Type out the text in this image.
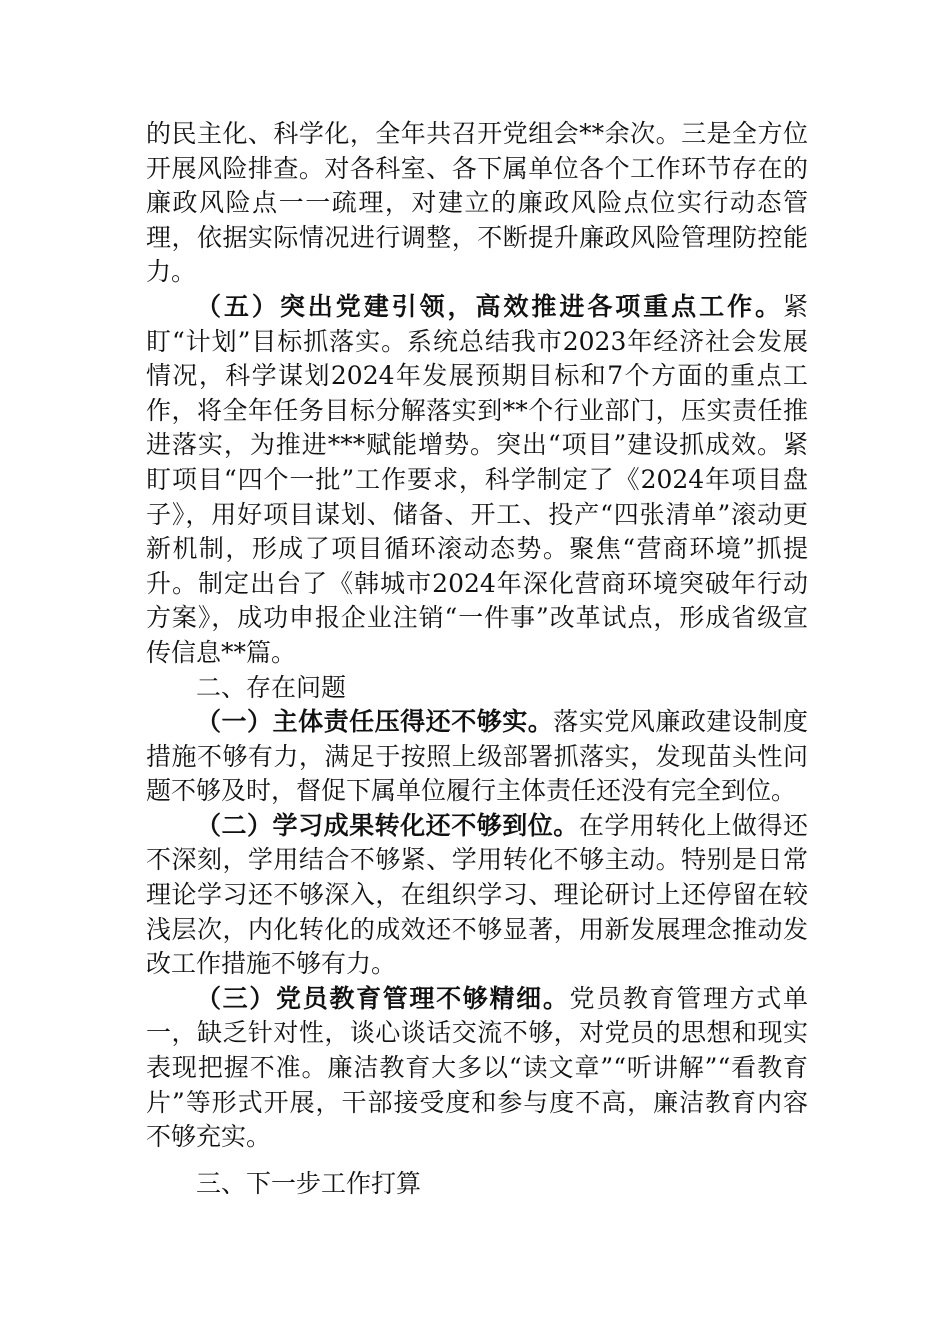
的民主化、科学化，全年共召开党组会**余次。三是全方位开展风险排查。对各科室、各下属单位各个工作环节存在的廉政风险点一一疏理，对建立的廉政风险点位实行动态管理，依据实际情况进行调整，不断提升廉政风险管理防控能力。

（五）突出党建引领，高效推进各项重点工作。紧盯“计划”目标抓落实。系统总结我市2023年经济社会发展情况，科学谋划2024年发展预期目标和7个方面的重点工作，将全年任务目标分解落实到**个行业部门，压实责任推进落实，为推进***赋能增势。突出“项目”建设抓成效。紧盯项目“四个一批”工作要求，科学制定了《2024年项目盘子》，用好项目谋划、储备、开工、投产“四张清单”滚动更新机制，形成了项目循环滚动态势。聚焦“营商环境”抓提升。制定出台了《韩城市2024年深化营商环境突破年行动方案》，成功申报企业注销“一件事”改革试点，形成省级宣传信息**篇。

二、存在问题

（一）主体责任压得还不够实。落实党风廉政建设制度措施不够有力，满足于按照上级部署抓落实，发现苗头性问题不够及时，督促下属单位履行主体责任还没有完全到位。

（二）学习成果转化还不够到位。在学用转化上做得还不深刻，学用结合不够紧、学用转化不够主动。特别是日常理论学习还不够深入，在组织学习、理论研讨上还停留在较浅层次，内化转化的成效还不够显著，用新发展理念推动发改工作措施不够有力。

（三）党员教育管理不够精细。党员教育管理方式单一，缺乏针对性，谈心谈话交流不够，对党员的思想和现实表现把握不准。廉洁教育大多以“读文章”“听讲解”“看教育片”等形式开展，干部接受度和参与度不高，廉洁教育内容不够充实。

三、下一步工作打算
